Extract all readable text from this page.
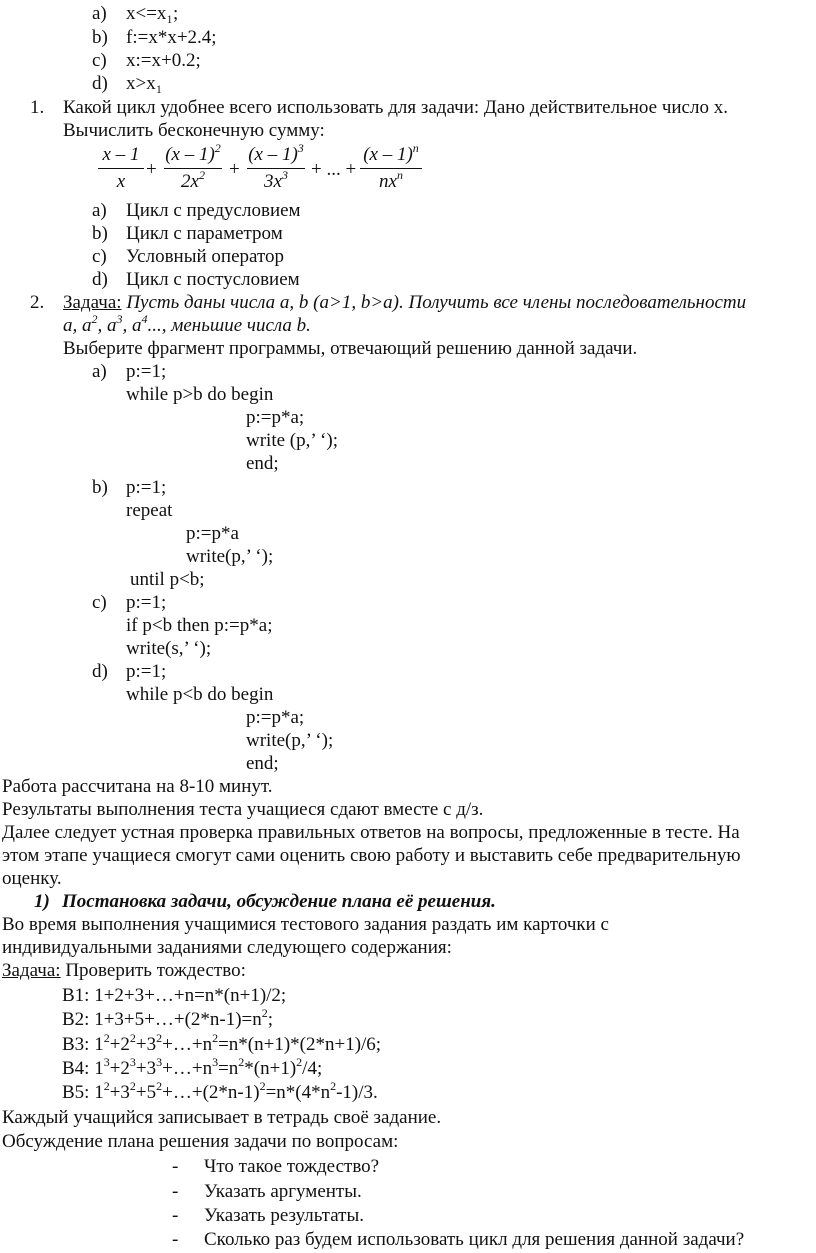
a) x<=x₁;
b) f:=x*x+2.4;
c) x:=x+0.2;
d) x>x₁
1. Какой цикл удобнее всего использовать для задачи: Дано действительное число x.
Вычислить бесконечную сумму:
x – 1
x
+
(x – 1)$^2$
$2x^2$	+
(x – 1)$^3$
$3x^3$	+ ... +
(x – 1)$^n$
$nx^n$
a) Цикл с предусловием
b) Цикл с параметром
c) Условный оператор
d) Цикл с постусловием
2. Задача: Пусть даны числа a, b (a>1, b>a). Получить все члены последовательности
a, $a^2$, $a^3$, $a^4$..., меньшие числа b.
Выберите фрагмент программы, отвечающий решению данной задачи.
a) p:=1;
while p>b do begin
p:=p*a;
write (p,’ ‘);
end;
b) p:=1;
repeat
p:=p*a
write(p,’ ‘);
until p<b;
c) p:=1;
if p<b then p:=p*a;
write(s,’ ‘);
d) p:=1;
while p<b do begin
p:=p*a;
write(p,’ ‘);
end;
Работа рассчитана на 8-10 минут.
Результаты выполнения теста учащиеся сдают вместе с д/з.
Далее следует устная проверка правильных ответов на вопросы, предложенные в тесте. На
этом этапе учащиеся смогут сами оценить свою работу и выставить себе предварительную
оценку.
1) Постановка задачи, обсуждение плана её решения.
Во время выполнения учащимися тестового задания раздать им карточки с
индивидуальными заданиями следующего содержания:
Задача: Проверить тождество:
В1: 1+2+3+…+n=n*(n+1)/2;
В2: $1+3+5+\dots+(2*n-1)=n^2$;
В3: $1^2+2^2+3^2+\dots+n^2=n*(n+1)*(2*n+1)/6$;
В4: $1^3+2^3+3^3+\dots+n^3=n^2*(n+1)^2/4$;
В5: $1^2+3^2+5^2+\dots+(2*n-1)^2=n*(4*n^2-1)/3$.
Каждый учащийся записывает в тетрадь своё задание.
Обсуждение плана решения задачи по вопросам:
- Что такое тождество?
- Указать аргументы.
- Указать результаты.
- Сколько раз будем использовать цикл для решения данной задачи?
